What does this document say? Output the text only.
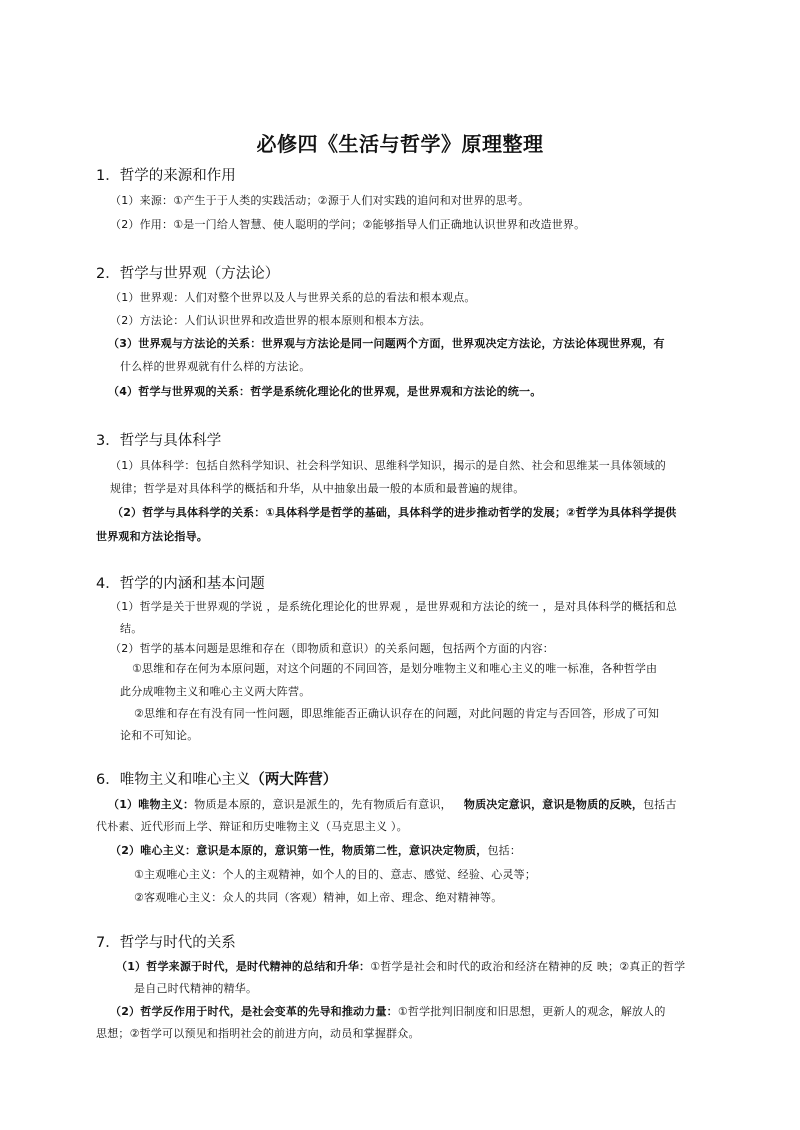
必修四《生活与哲学》原理整理
1．哲学的来源和作用
（1）来源：①产生于于人类的实践活动；②源于人们对实践的追问和对世界的思考。
（2）作用：①是一门给人智慧、使人聪明的学问；②能够指导人们正确地认识世界和改造世界。
2．哲学与世界观（方法论）
（1）世界观：人们对整个世界以及人与世界关系的总的看法和根本观点。
（2）方法论：人们认识世界和改造世界的根本原则和根本方法。
（3）世界观与方法论的关系：世界观与方法论是同一问题两个方面，世界观决定方法论，方法论体现世界观，有
什么样的世界观就有什么样的方法论。
（4）哲学与世界观的关系：哲学是系统化理论化的世界观，是世界观和方法论的统一。
3．哲学与具体科学
（1）具体科学：包括自然科学知识、社会科学知识、思维科学知识，揭示的是自然、社会和思维某一具体领域的
规律；哲学是对具体科学的概括和升华，从中抽象出最一般的本质和最普遍的规律。
（2）哲学与具体科学的关系：①具体科学是哲学的基础，具体科学的进步推动哲学的发展；②哲学为具体科学提供
世界观和方法论指导。
4．哲学的内涵和基本问题
（1）哲学是关于世界观的学说 ，是系统化理论化的世界观 ，是世界观和方法论的统一 ，是对具体科学的概括和总
结。
（2）哲学的基本问题是思维和存在（即物质和意识）的关系问题，包括两个方面的内容：
①思维和存在何为本原问题，对这个问题的不同回答，是划分唯物主义和唯心主义的唯一标准，各种哲学由
此分成唯物主义和唯心主义两大阵营。
②思维和存在有没有同一性问题，即思维能否正确认识存在的问题，对此问题的肯定与否回答，形成了可知
论和不可知论。
6．唯物主义和唯心主义（两大阵营）
（1）唯物主义：物质是本原的，意识是派生的，先有物质后有意识， 物质决定意识，意识是物质的反映，包括古
代朴素、近代形而上学、辩证和历史唯物主义（马克思主义 ）。
（2）唯心主义：意识是本原的，意识第一性，物质第二性，意识决定物质，包括：
①主观唯心主义：个人的主观精神，如个人的目的、意志、感觉、经验、心灵等；
②客观唯心主义：众人的共同（客观）精神，如上帝、理念、绝对精神等。
7．哲学与时代的关系
（1）哲学来源于时代，是时代精神的总结和升华：①哲学是社会和时代的政治和经济在精神的反 映；②真正的哲学
是自己时代精神的精华。
（2）哲学反作用于时代，是社会变革的先导和推动力量：①哲学批判旧制度和旧思想，更新人的观念，解放人的
思想；②哲学可以预见和指明社会的前进方向，动员和掌握群众。
